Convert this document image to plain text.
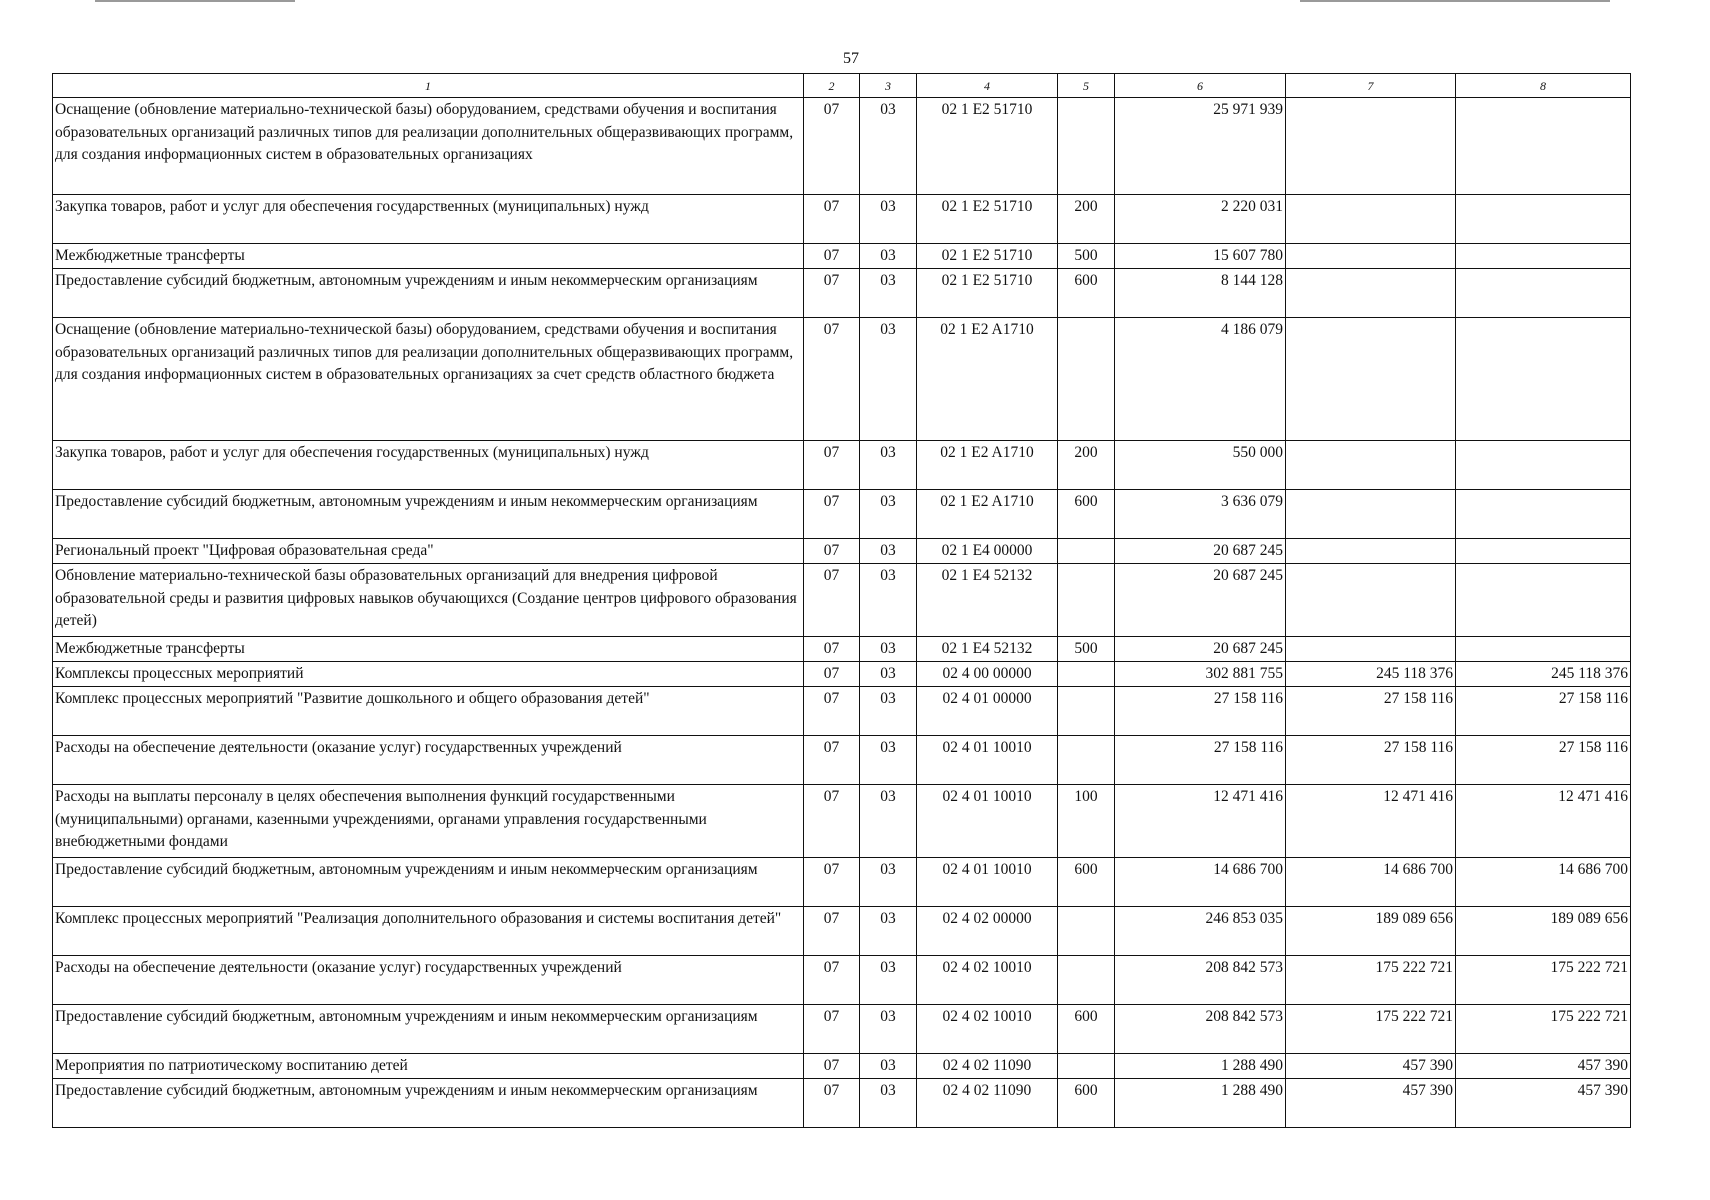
57
1	2	3	4	5	6	7	8
Оснащение (обновление материально-технической базы) оборудованием, средствами обучения и воспитания образовательных организаций различных типов для реализации дополнительных общеразвивающих программ, для создания информационных систем в образовательных организациях	07	03	02 1 E2 51710		25 971 939		
Закупка товаров, работ и услуг для обеспечения государственных (муниципальных) нужд	07	03	02 1 E2 51710	200	2 220 031		
Межбюджетные трансферты	07	03	02 1 E2 51710	500	15 607 780		
Предоставление субсидий бюджетным, автономным учреждениям и иным некоммерческим организациям	07	03	02 1 E2 51710	600	8 144 128		
Оснащение (обновление материально-технической базы) оборудованием, средствами обучения и воспитания образовательных организаций различных типов для реализации дополнительных общеразвивающих программ, для создания информационных систем в образовательных организациях за счет средств областного бюджета	07	03	02 1 E2 A1710		4 186 079		
Закупка товаров, работ и услуг для обеспечения государственных (муниципальных) нужд	07	03	02 1 E2 A1710	200	550 000		
Предоставление субсидий бюджетным, автономным учреждениям и иным некоммерческим организациям	07	03	02 1 E2 A1710	600	3 636 079		
Региональный проект "Цифровая образовательная среда"	07	03	02 1 E4 00000		20 687 245		
Обновление материально-технической базы образовательных организаций для внедрения цифровой образовательной среды и развития цифровых навыков обучающихся (Создание центров цифрового образования детей)	07	03	02 1 E4 52132		20 687 245		
Межбюджетные трансферты	07	03	02 1 E4 52132	500	20 687 245		
Комплексы процессных мероприятий	07	03	02 4 00 00000		302 881 755	245 118 376	245 118 376
Комплекс процессных мероприятий "Развитие дошкольного и общего образования детей"	07	03	02 4 01 00000		27 158 116	27 158 116	27 158 116
Расходы на обеспечение деятельности (оказание услуг) государственных учреждений	07	03	02 4 01 10010		27 158 116	27 158 116	27 158 116
Расходы на выплаты персоналу в целях обеспечения выполнения функций государственными (муниципальными) органами, казенными учреждениями, органами управления государственными внебюджетными фондами	07	03	02 4 01 10010	100	12 471 416	12 471 416	12 471 416
Предоставление субсидий бюджетным, автономным учреждениям и иным некоммерческим организациям	07	03	02 4 01 10010	600	14 686 700	14 686 700	14 686 700
Комплекс процессных мероприятий "Реализация дополнительного образования и системы воспитания детей"	07	03	02 4 02 00000		246 853 035	189 089 656	189 089 656
Расходы на обеспечение деятельности (оказание услуг) государственных учреждений	07	03	02 4 02 10010		208 842 573	175 222 721	175 222 721
Предоставление субсидий бюджетным, автономным учреждениям и иным некоммерческим организациям	07	03	02 4 02 10010	600	208 842 573	175 222 721	175 222 721
Мероприятия по патриотическому воспитанию детей	07	03	02 4 02 11090		1 288 490	457 390	457 390
Предоставление субсидий бюджетным, автономным учреждениям и иным некоммерческим организациям	07	03	02 4 02 11090	600	1 288 490	457 390	457 390
